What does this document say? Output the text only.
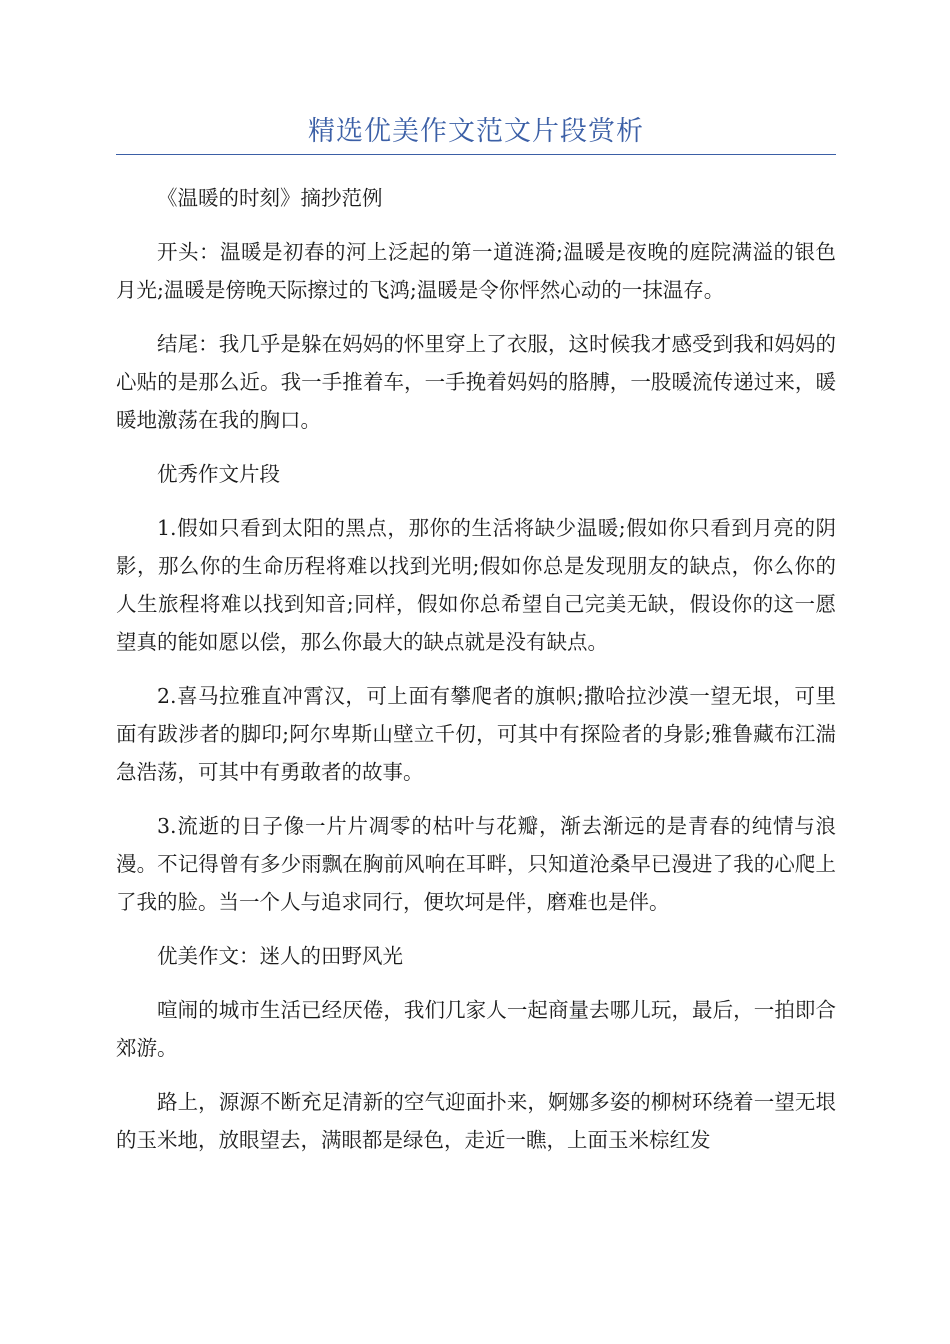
精选优美作文范文片段赏析

《温暖的时刻》摘抄范例

开头：温暖是初春的河上泛起的第一道涟漪;温暖是夜晚的庭院满溢的银色月光;温暖是傍晚天际擦过的飞鸿;温暖是令你怦然心动的一抹温存。

结尾：我几乎是躲在妈妈的怀里穿上了衣服，这时候我才感受到我和妈妈的心贴的是那么近。我一手推着车，一手挽着妈妈的胳膊，一股暖流传递过来，暖暖地激荡在我的胸口。

优秀作文片段

1.假如只看到太阳的黑点，那你的生活将缺少温暖;假如你只看到月亮的阴影，那么你的生命历程将难以找到光明;假如你总是发现朋友的缺点，你么你的人生旅程将难以找到知音;同样，假如你总希望自己完美无缺，假设你的这一愿望真的能如愿以偿，那么你最大的缺点就是没有缺点。

2.喜马拉雅直冲霄汉，可上面有攀爬者的旗帜;撒哈拉沙漠一望无垠，可里面有跋涉者的脚印;阿尔卑斯山壁立千仞，可其中有探险者的身影;雅鲁藏布江湍急浩荡，可其中有勇敢者的故事。

3.流逝的日子像一片片凋零的枯叶与花瓣，渐去渐远的是青春的纯情与浪漫。不记得曾有多少雨飘在胸前风响在耳畔，只知道沧桑早已漫进了我的心爬上了我的脸。当一个人与追求同行，便坎坷是伴，磨难也是伴。

优美作文：迷人的田野风光

喧闹的城市生活已经厌倦，我们几家人一起商量去哪儿玩，最后，一拍即合郊游。

路上，源源不断充足清新的空气迎面扑来，婀娜多姿的柳树环绕着一望无垠的玉米地，放眼望去，满眼都是绿色，走近一瞧，上面玉米棕红发
